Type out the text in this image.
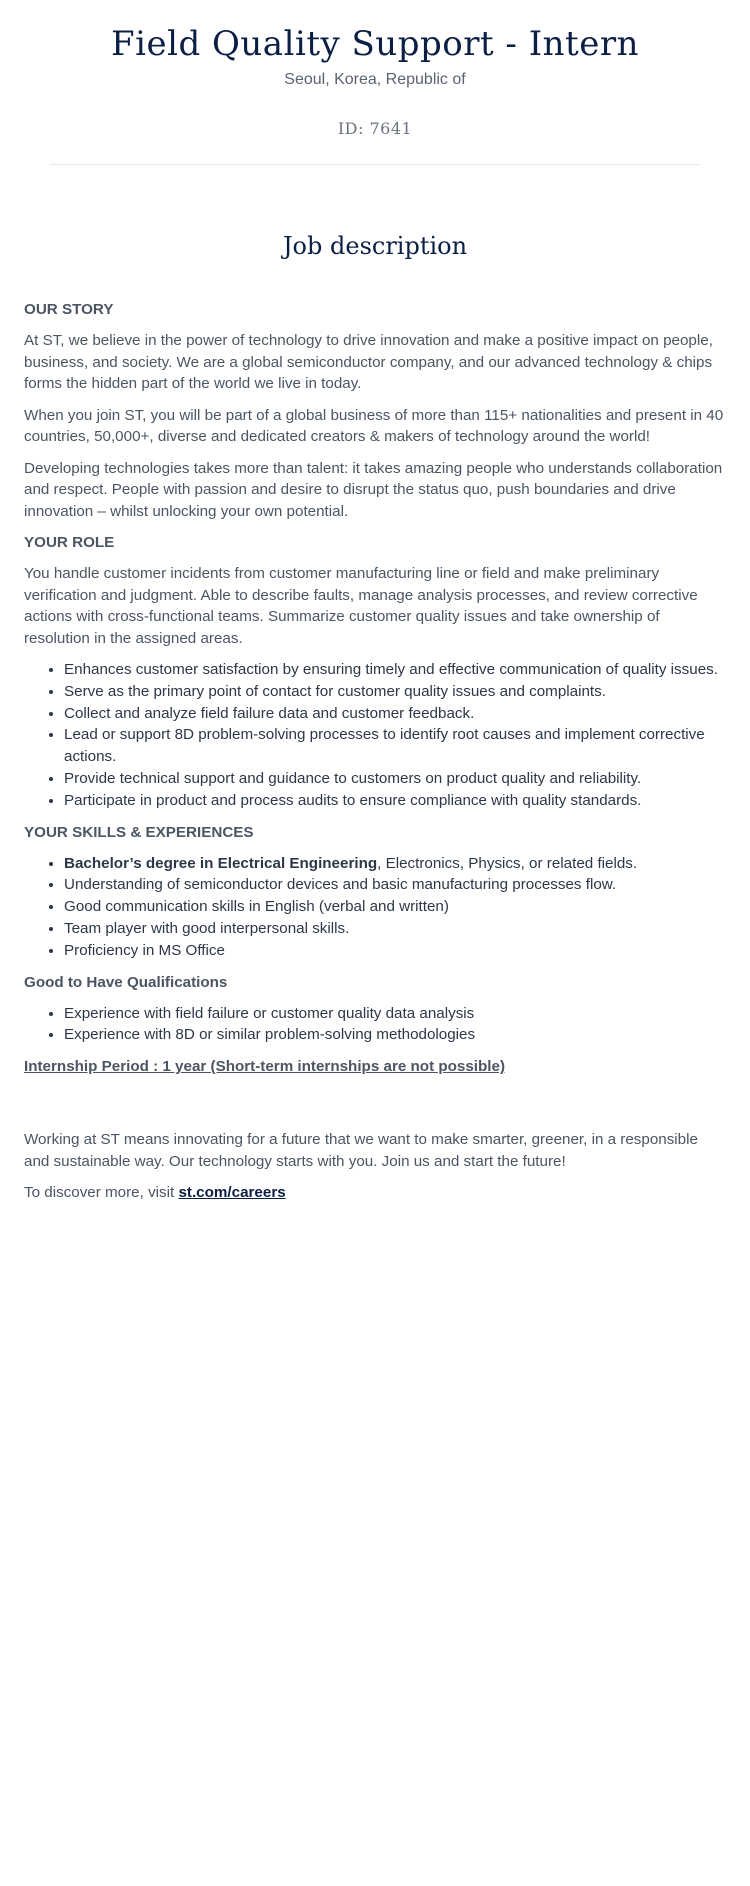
Field Quality Support - Intern
Seoul, Korea, Republic of
ID: 7641
Job description
OUR STORY

At ST, we believe in the power of technology to drive innovation and make a positive impact on people, business, and society. We are a global semiconductor company, and our advanced technology & chips forms the hidden part of the world we live in today.

When you join ST, you will be part of a global business of more than 115+ nationalities and present in 40 countries, 50,000+, diverse and dedicated creators & makers of technology around the world!

Developing technologies takes more than talent: it takes amazing people who understands collaboration and respect. People with passion and desire to disrupt the status quo, push boundaries and drive innovation – whilst unlocking your own potential.

YOUR ROLE

You handle customer incidents from customer manufacturing line or field and make preliminary verification and judgment. Able to describe faults, manage analysis processes, and review corrective actions with cross-functional teams. Summarize customer quality issues and take ownership of resolution in the assigned areas.

• Enhances customer satisfaction by ensuring timely and effective communication of quality issues.
• Serve as the primary point of contact for customer quality issues and complaints.
• Collect and analyze field failure data and customer feedback.
• Lead or support 8D problem-solving processes to identify root causes and implement corrective actions.
• Provide technical support and guidance to customers on product quality and reliability.
• Participate in product and process audits to ensure compliance with quality standards.
YOUR SKILLS & EXPERIENCES
• Bachelor’s degree in Electrical Engineering, Electronics, Physics, or related fields.
• Understanding of semiconductor devices and basic manufacturing processes flow.
• Good communication skills in English (verbal and written)
• Team player with good interpersonal skills.
• Proficiency in MS Office
Good to Have Qualifications
• Experience with field failure or customer quality data analysis
• Experience with 8D or similar problem-solving methodologies
Internship Period : 1 year (Short-term internships are not possible)

Working at ST means innovating for a future that we want to make smarter, greener, in a responsible and sustainable way. Our technology starts with you. Join us and start the future!

To discover more, visit st.com/careers
